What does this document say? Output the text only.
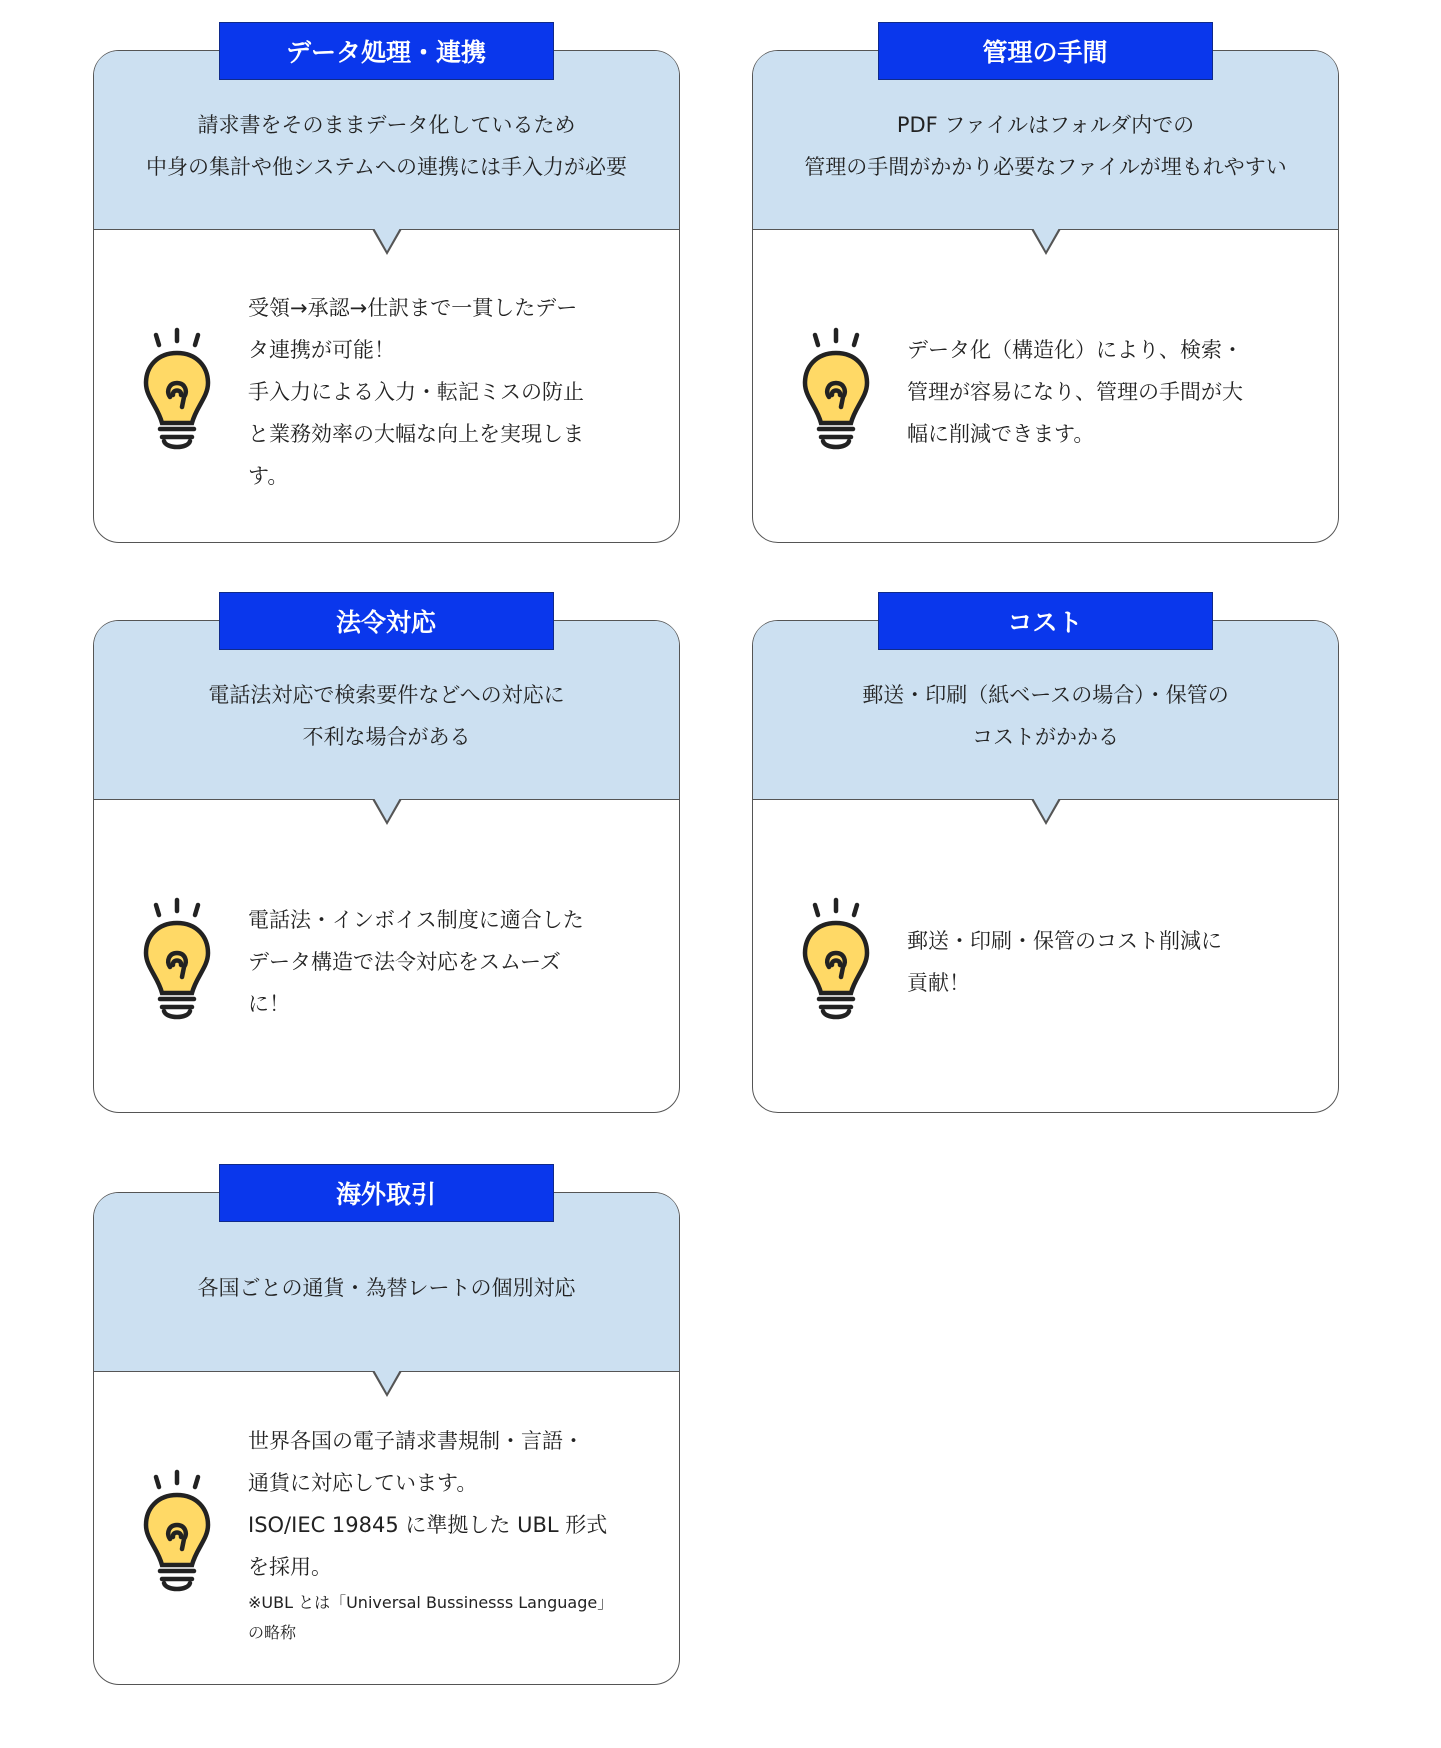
請求書をそのままデータ化しているため
中身の集計や他システムへの連携には手入力が必要
データ処理・連携
受領→承認→仕訳まで一貫したデー
タ連携が可能！
手入力による入力・転記ミスの防止
と業務効率の大幅な向上を実現しま
す。
PDF ファイルはフォルダ内での
管理の手間がかかり必要なファイルが埋もれやすい
管理の手間
データ化（構造化）により、検索・
管理が容易になり、管理の手間が大
幅に削減できます。
電話法対応で検索要件などへの対応に
不利な場合がある
法令対応
電話法・インボイス制度に適合した
データ構造で法令対応をスムーズ
に！
郵送・印刷（紙ベースの場合）・保管の
コストがかかる
コスト
郵送・印刷・保管のコスト削減に
貢献！
各国ごとの通貨・為替レートの個別対応
海外取引
世界各国の電子請求書規制・言語・
通貨に対応しています。
ISO/IEC 19845 に準拠した UBL 形式
を採用。
※UBL とは「Universal Bussinesss Language」
の略称
